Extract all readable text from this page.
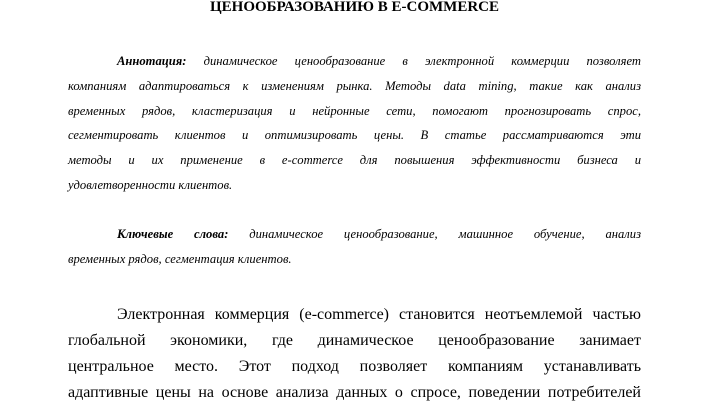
ЦЕНООБРАЗОВАНИЮ В E-COMMERCE
Аннотация: динамическое ценообразование в электронной коммерции позволяет
компаниям адаптироваться к изменениям рынка. Методы data mining, такие как анализ
временных рядов, кластеризация и нейронные сети, помогают прогнозировать спрос,
сегментировать клиентов и оптимизировать цены. В статье рассматриваются эти
методы и их применение в e-commerce для повышения эффективности бизнеса и
удовлетворенности клиентов.
Ключевые слова: динамическое ценообразование, машинное обучение, анализ
временных рядов, сегментация клиентов.
Электронная коммерция (e-commerce) становится неотъемлемой частью
глобальной экономики, где динамическое ценообразование занимает
центральное место. Этот подход позволяет компаниям устанавливать
адаптивные цены на основе анализа данных о спросе, поведении потребителей
